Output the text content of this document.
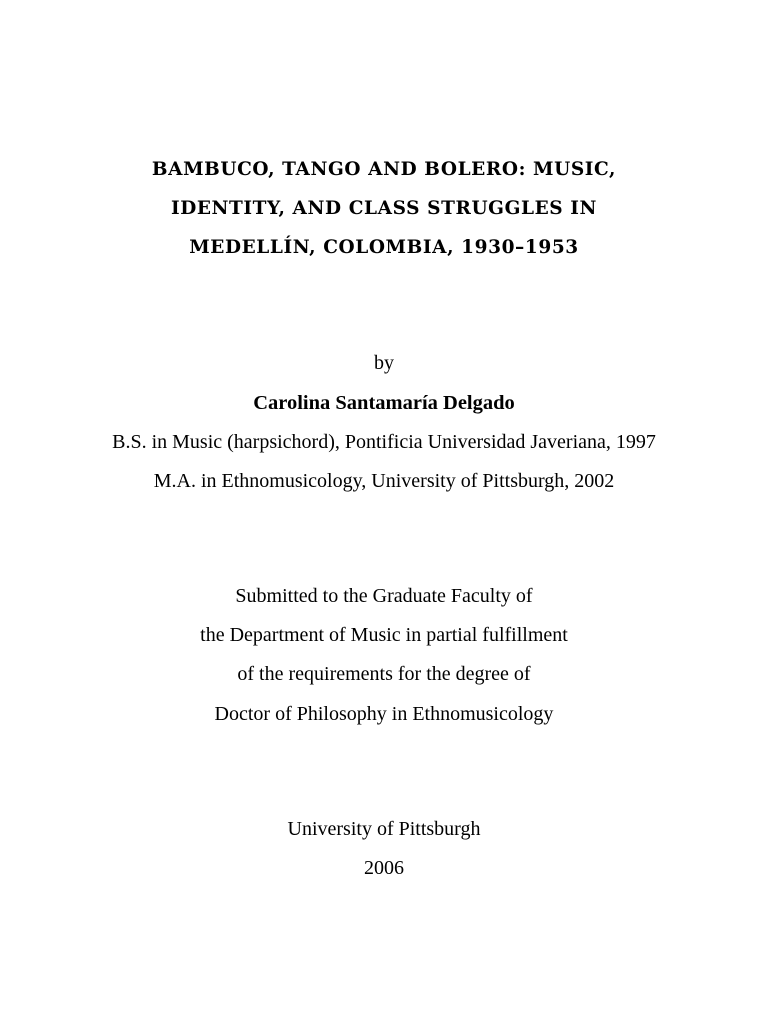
BAMBUCO, TANGO AND BOLERO: MUSIC,
IDENTITY, AND CLASS STRUGGLES IN
MEDELLÍN, COLOMBIA, 1930–1953
by
Carolina Santamaría Delgado
B.S. in Music (harpsichord), Pontificia Universidad Javeriana, 1997
M.A. in Ethnomusicology, University of Pittsburgh, 2002
Submitted to the Graduate Faculty of
the Department of Music in partial fulfillment
of the requirements for the degree of
Doctor of Philosophy in Ethnomusicology
University of Pittsburgh
2006
